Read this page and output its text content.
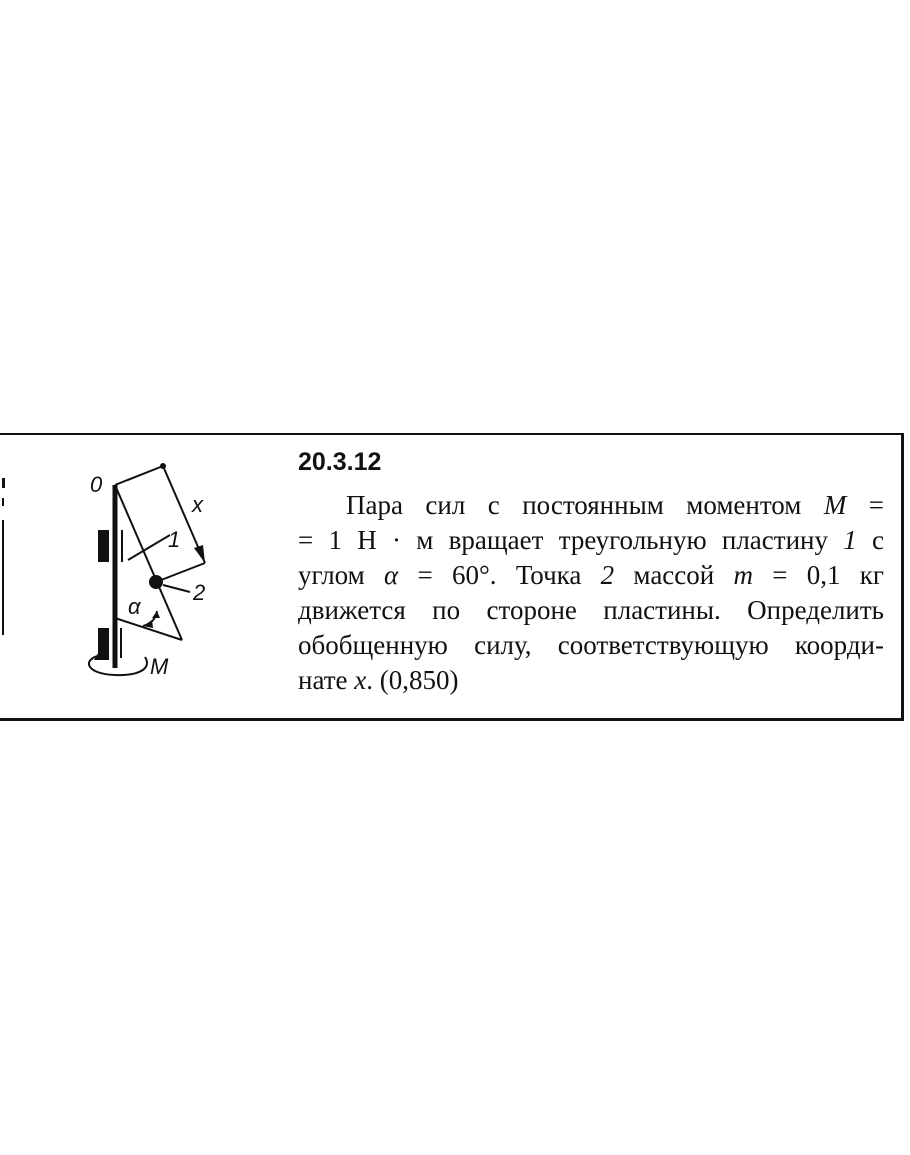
0
x
1
2
α
M
20.3.12
Пара сил с постоянным моментом M =
= 1 Н · м вращает треугольную пластину 1 с
углом α = 60°. Точка 2 массой m = 0,1 кг
движется по стороне пластины. Определить
обобщенную силу, соответствующую коорди-
нате x. (0,850)
